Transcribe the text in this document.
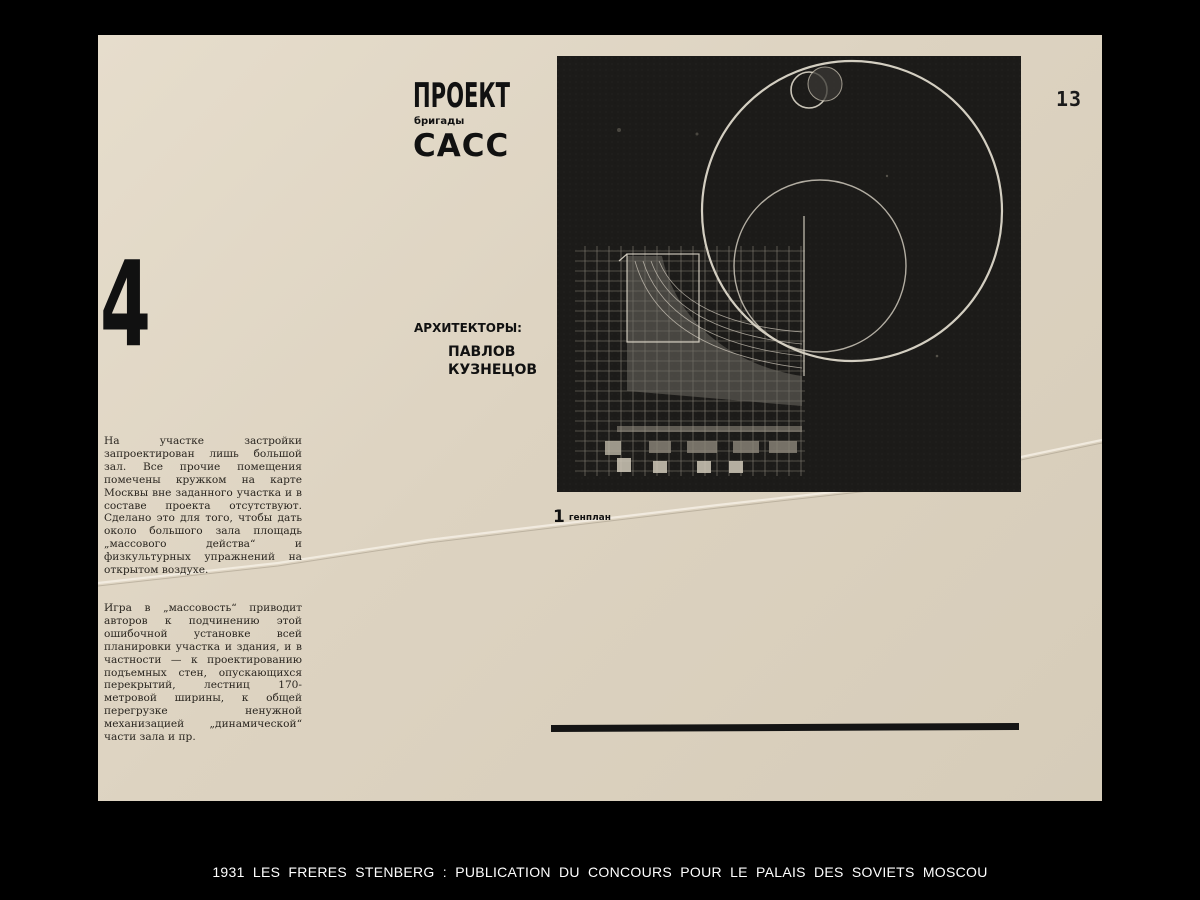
13
4
ПРОЕКТ
бригады
САСС
АРХИТЕКТОРЫ:
ПАВЛОВ
КУЗНЕЦОВ
1 генплан
На участке застройки запроектирован лишь большой зал. Все прочие помещения помечены кружком на карте Москвы вне заданного участка и в составе проекта отсутствуют. Сделано это для того, чтобы дать около большого зала площадь „массового действа“ и физкультурных упражнений на открытом воздухе.
Игра в „массовость“ приводит авторов к подчинению этой ошибочной установке всей планировки участка и здания, и в частности — к проектированию подъемных стен, опускающихся перекрытий, лестниц 170-метровой ширины, к общей перегрузке ненужной механизацией „динамической“ части зала и пр.
1931 LES FRERES STENBERG : PUBLICATION DU CONCOURS POUR LE PALAIS DES SOVIETS MOSCOU
